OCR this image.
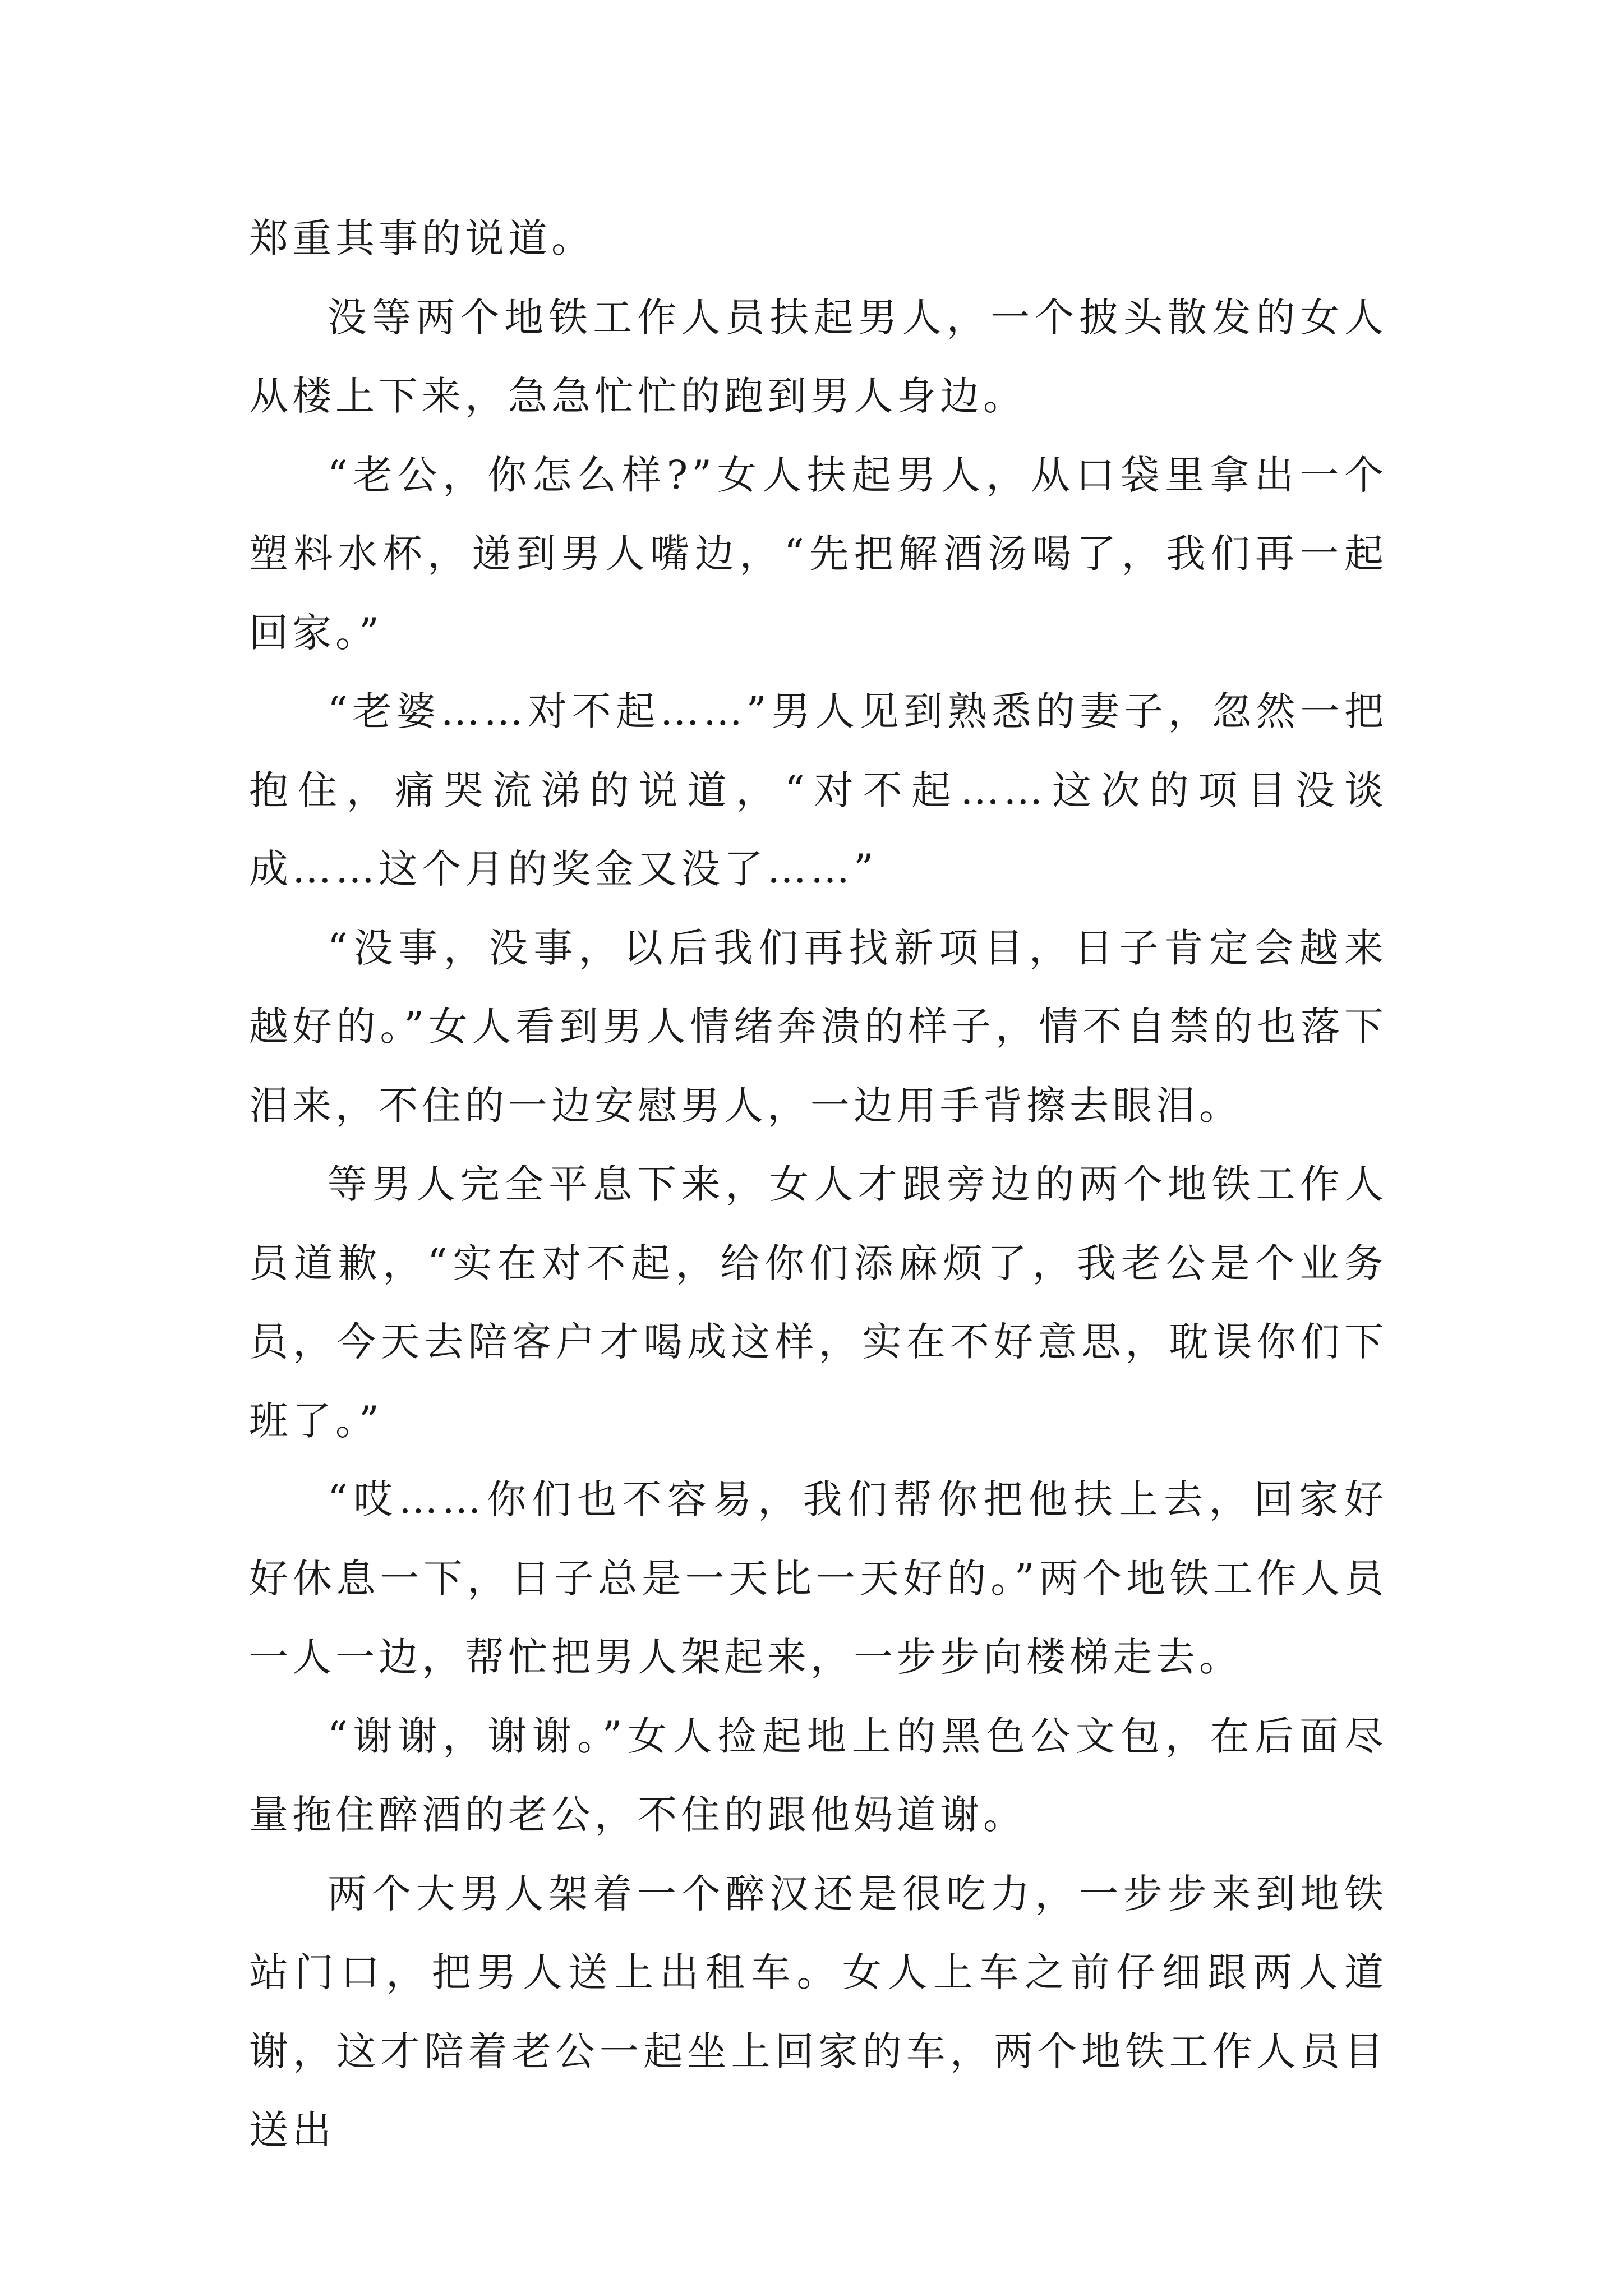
郑重其事的说道。

没等两个地铁工作人员扶起男人，一个披头散发的女人从楼上下来，急急忙忙的跑到男人身边。

“老公，你怎么样?”女人扶起男人，从口袋里拿出一个塑料水杯，递到男人嘴边，“先把解酒汤喝了，我们再一起回家。”

“老婆……对不起……”男人见到熟悉的妻子，忽然一把抱住，痛哭流涕的说道，“对不起……这次的项目没谈成……这个月的奖金又没了……”

“没事，没事，以后我们再找新项目，日子肯定会越来越好的。”女人看到男人情绪奔溃的样子，情不自禁的也落下泪来，不住的一边安慰男人，一边用手背擦去眼泪。

等男人完全平息下来，女人才跟旁边的两个地铁工作人员道歉，“实在对不起，给你们添麻烦了，我老公是个业务员，今天去陪客户才喝成这样，实在不好意思，耽误你们下班了。”

“哎……你们也不容易，我们帮你把他扶上去，回家好好休息一下，日子总是一天比一天好的。”两个地铁工作人员一人一边，帮忙把男人架起来，一步步向楼梯走去。

“谢谢，谢谢。”女人捡起地上的黑色公文包，在后面尽量拖住醉酒的老公，不住的跟他妈道谢。

两个大男人架着一个醉汉还是很吃力，一步步来到地铁站门口，把男人送上出租车。女人上车之前仔细跟两人道谢，这才陪着老公一起坐上回家的车，两个地铁工作人员目送出
